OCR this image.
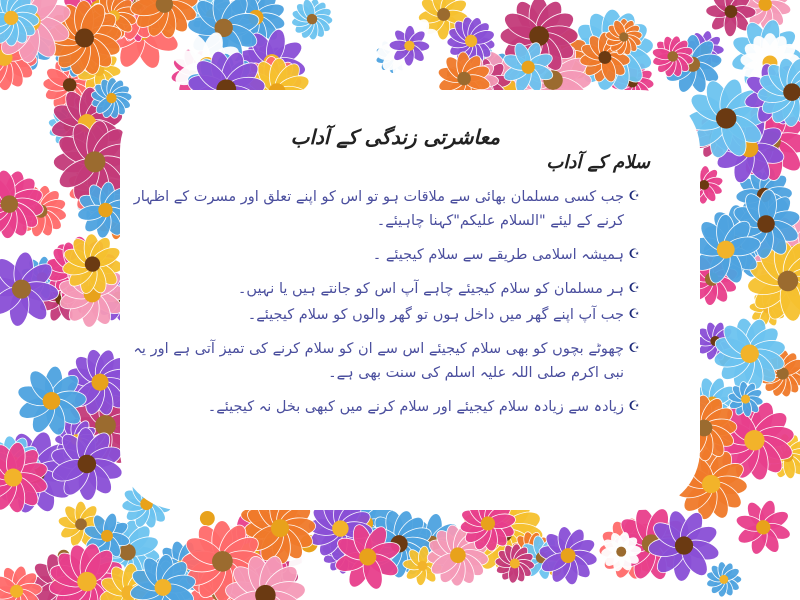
معاشرتی زندگی کے آداب
سلام کے آداب
☪
جب کسی مسلمان بھائی سے ملاقات ہو تو اس کو اپنے تعلق اور مسرت کے اظہار کرنے کے لیئے "السلام علیکم"کہنا چاہیئے۔
☪
ہمیشہ اسلامی طریقے سے سلام کیجیئے ۔
☪
ہر مسلمان کو سلام کیجیئے چاہے آپ اس کو جانتے ہیں یا نہیں۔
☪
جب آپ اپنے گھر میں داخل ہوں تو گھر والوں کو سلام کیجیئے۔
☪
چھوٹے بچوں کو بھی سلام کیجیئے اس سے ان کو سلام کرنے کی تمیز آتی ہے اور یہ نبی اکرم صلی اللہ علیہ اسلم کی سنت بھی ہے۔
☪
زیادہ سے زیادہ سلام کیجیئے اور سلام کرنے میں کبھی بخل نہ کیجیئے۔
